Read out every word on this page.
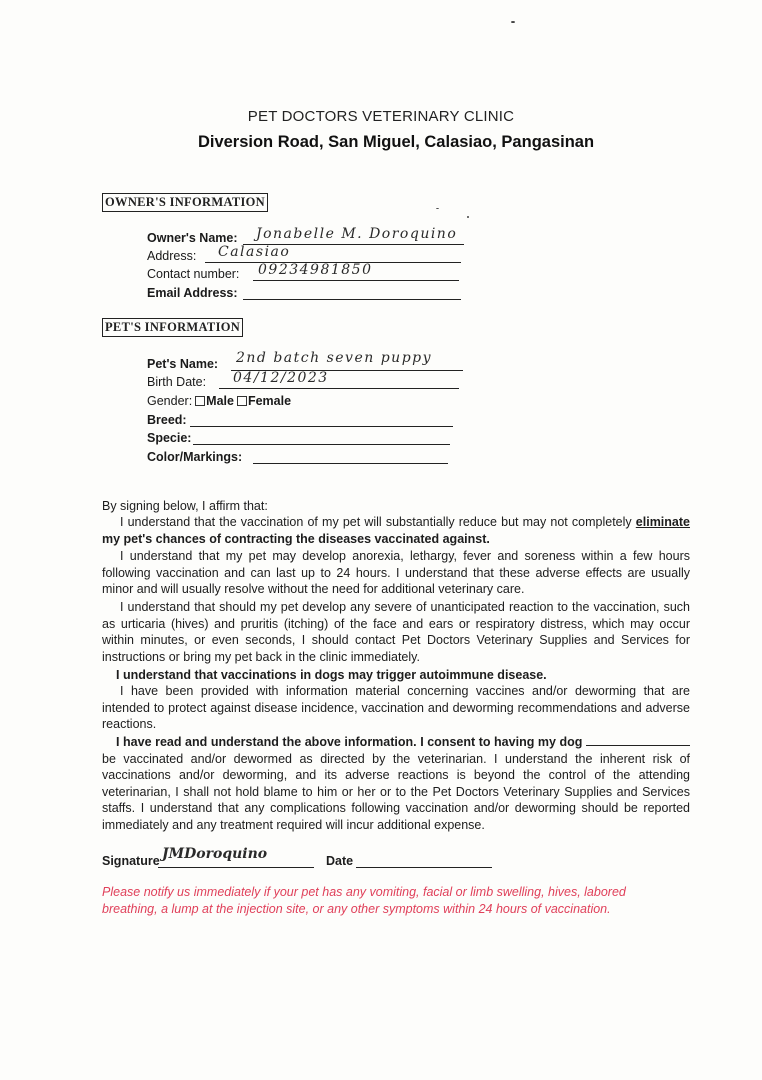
PET DOCTORS VETERINARY CLINIC
Diversion Road, San Miguel, Calasiao, Pangasinan
OWNER'S INFORMATION
Owner's Name: Jonabelle M. Doroquino
Address: Calasiao
Contact number: 09234981850
Email Address:
PET'S INFORMATION
Pet's Name: 2nd batch seven puppy
Birth Date: 04/12/2023
Gender: Male Female
Breed:
Specie:
Color/Markings:
By signing below, I affirm that:
I understand that the vaccination of my pet will substantially reduce but may not completely eliminate my pet's chances of contracting the diseases vaccinated against.
I understand that my pet may develop anorexia, lethargy, fever and soreness within a few hours following vaccination and can last up to 24 hours. I understand that these adverse effects are usually minor and will usually resolve without the need for additional veterinary care.
I understand that should my pet develop any severe of unanticipated reaction to the vaccination, such as urticaria (hives) and pruritis (itching) of the face and ears or respiratory distress, which may occur within minutes, or even seconds, I should contact Pet Doctors Veterinary Supplies and Services for instructions or bring my pet back in the clinic immediately.
I understand that vaccinations in dogs may trigger autoimmune disease.
I have been provided with information material concerning vaccines and/or deworming that are intended to protect against disease incidence, vaccination and deworming recommendations and adverse reactions.
I have read and understand the above information. I consent to having my dog  be vaccinated and/or dewormed as directed by the veterinarian. I understand the inherent risk of vaccinations and/or deworming, and its adverse reactions is beyond the control of the attending veterinarian, I shall not hold blame to him or her or to the Pet Doctors Veterinary Supplies and Services staffs. I understand that any complications following vaccination and/or deworming should be reported immediately and any treatment required will incur additional expense.
Signature JMDoroquino	Date
Please notify us immediately if your pet has any vomiting, facial or limb swelling, hives, labored breathing, a lump at the injection site, or any other symptoms within 24 hours of vaccination.
